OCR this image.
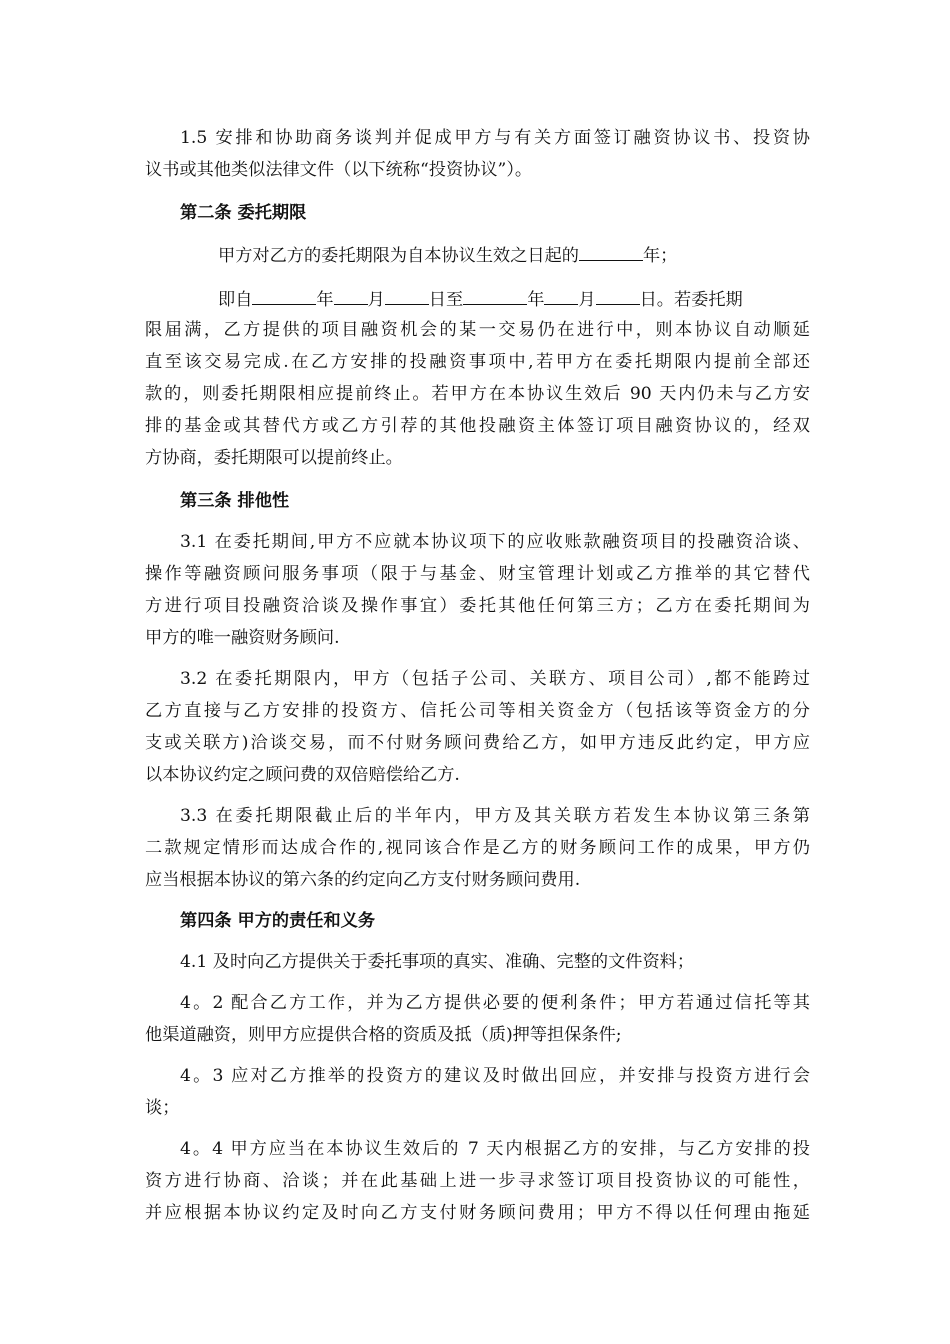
1.5 安排和协助商务谈判并促成甲方与有关方面签订融资协议书、投资协

议书或其他类似法律文件（以下统称“投资协议”）。

第二条 委托期限

甲方对乙方的委托期限为自本协议生效之日起的	年；

即自	年 月	日至	年 月	日。若委托期

限届满，乙方提供的项目融资机会的某一交易仍在进行中，则本协议自动顺延

直至该交易完成.在乙方安排的投融资事项中,若甲方在委托期限内提前全部还

款的，则委托期限相应提前终止。若甲方在本协议生效后 90 天内仍未与乙方安

排的基金或其替代方或乙方引荐的其他投融资主体签订项目融资协议的，经双

方协商，委托期限可以提前终止。

第三条 排他性

3.1 在委托期间,甲方不应就本协议项下的应收账款融资项目的投融资洽谈、

操作等融资顾问服务事项（限于与基金、财宝管理计划或乙方推举的其它替代

方进行项目投融资洽谈及操作事宜）委托其他任何第三方；乙方在委托期间为

甲方的唯一融资财务顾问.

3.2 在委托期限内，甲方（包括子公司、关联方、项目公司）,都不能跨过

乙方直接与乙方安排的投资方、信托公司等相关资金方（包括该等资金方的分

支或关联方)洽谈交易，而不付财务顾问费给乙方，如甲方违反此约定，甲方应

以本协议约定之顾问费的双倍赔偿给乙方.

3.3 在委托期限截止后的半年内，甲方及其关联方若发生本协议第三条第

二款规定情形而达成合作的,视同该合作是乙方的财务顾问工作的成果，甲方仍

应当根据本协议的第六条的约定向乙方支付财务顾问费用.

第四条 甲方的责任和义务

4.1 及时向乙方提供关于委托事项的真实、准确、完整的文件资料；

4。2 配合乙方工作，并为乙方提供必要的便利条件；甲方若通过信托等其

他渠道融资，则甲方应提供合格的资质及抵（质)押等担保条件;

4。3 应对乙方推举的投资方的建议及时做出回应，并安排与投资方进行会

谈；

4。4 甲方应当在本协议生效后的 7 天内根据乙方的安排，与乙方安排的投

资方进行协商、洽谈；并在此基础上进一步寻求签订项目投资协议的可能性，

并应根据本协议约定及时向乙方支付财务顾问费用；甲方不得以任何理由拖延
